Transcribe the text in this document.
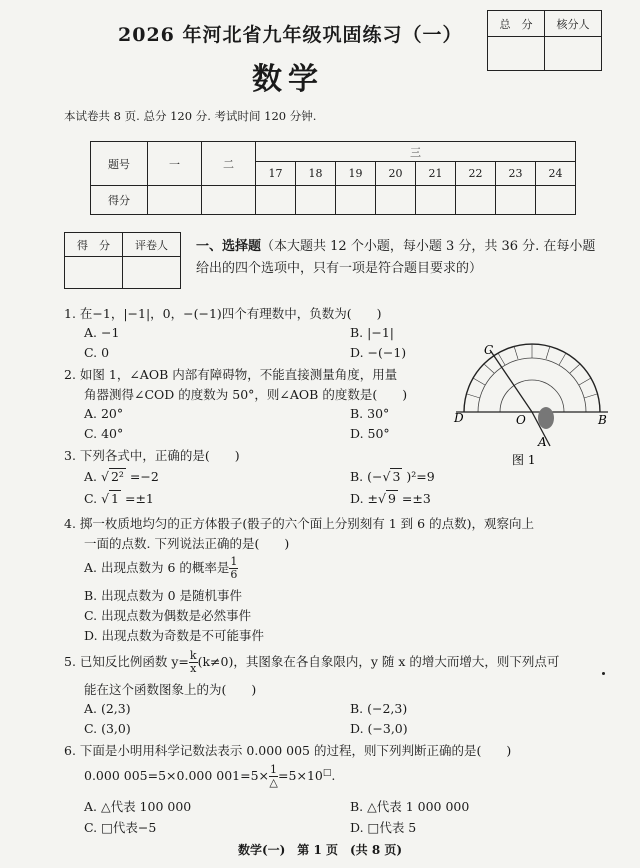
2026 年河北省九年级巩固练习（一）
数学
本试卷共 8 页. 总分 120 分. 考试时间 120 分钟.
总　分	核分人

题号	一	二	三							
			17	18	19	20	21	22	23	24
得分										
得　分	评卷人
	一、选择题（本大题共 12 个小题，每小题 3 分，共 36 分. 在每小题
给出的四个选项中，只有一项是符合题目要求的）
1. 在−1，|−1|，0，−(−1)四个有理数中，负数为(　　)
A. −1	B. |−1|
C. 0	D. −(−1)
2. 如图 1，∠AOB 内部有障碍物，不能直接测量角度，用量
角器测得∠COD 的度数为 50°，则∠AOB 的度数是(　　)
A. 20°	B. 30°
C. 40°	D. 50°
C
D	O	B
A
图 1
3. 下列各式中，正确的是(　　)
A. √ 2² =−2	B. (−√ 3 )²=9
C. √ 1 =±1	D. ±√ 9 =±3
4. 掷一枚质地均匀的正方体骰子(骰子的六个面上分别刻有 1 到 6 的点数)，观察向上
一面的点数. 下列说法正确的是(　　)
A. 出现点数为 6 的概率是 $\frac{1}{6}$
B. 出现点数为 0 是随机事件
C. 出现点数为偶数是必然事件
D. 出现点数为奇数是不可能事件
5. 已知反比例函数 $y= \frac{k}{x} (k\ne 0)$，其图象在各自象限内，y 随 x 的增大而增大，则下列点可
能在这个函数图象上的为(　　)
A. (2,3)	B. (−2,3)
C. (3,0)	D. (−3,0)
6. 下面是小明用科学记数法表示 0.000 005 的过程，则下列判断正确的是(　　)
0.000 005=5×0.000 $001=5\times \frac{1}{\triangle} =5\times 10^□$.
A. △代表 100 000	B. △代表 1 000 000
C. □代表−5	D. □代表 5
数学(一)　第 1 页　(共 8 页)
